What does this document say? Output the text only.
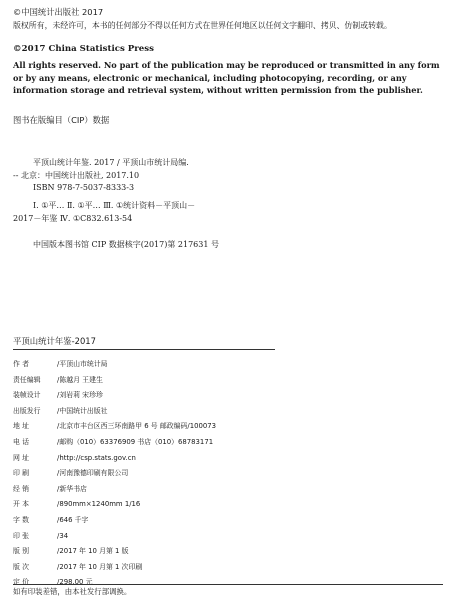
©中国统计出版社 2017
版权所有，未经许可，本书的任何部分不得以任何方式在世界任何地区以任何文字翻印、拷贝、仿制或转载。
©2017 China Statistics Press
All rights reserved. No part of the publication may be reproduced or transmitted in any form or by any means, electronic or mechanical, including photocopying, recording, or any information storage and retrieval system, without written permission from the publisher.
图书在版编目（CIP）数据
平顶山统计年鉴. 2017 / 平顶山市统计局编.
-- 北京：中国统计出版社, 2017.10
ISBN 978-7-5037-8333-3
Ⅰ. ①平… Ⅱ. ①平… Ⅲ. ①统计资料－平顶山－
2017－年鉴 Ⅳ. ①C832.613-54
中国版本图书馆 CIP 数据核字(2017)第 217631 号
平顶山统计年鉴-2017
作 者	/平顶山市统计局
责任编辑 /陈越月 王建生
装帧设计 /刘岩莉 宋珍珍
出版发行 /中国统计出版社
地 址	/北京市丰台区西三环南路甲 6 号 邮政编码/100073
电 话	/邮购（010）63376909 书店（010）68783171
网 址	/http://csp.stats.gov.cn
印 刷	/河南豫德印刷有限公司
经 销	/新华书店
开 本	/890mm×1240mm 1/16
字 数	/646 千字
印 张	/34
版 别	/2017 年 10 月第 1 版
版 次	/2017 年 10 月第 1 次印刷
定 价	/298.00 元
如有印装差错，由本社发行部调换。
